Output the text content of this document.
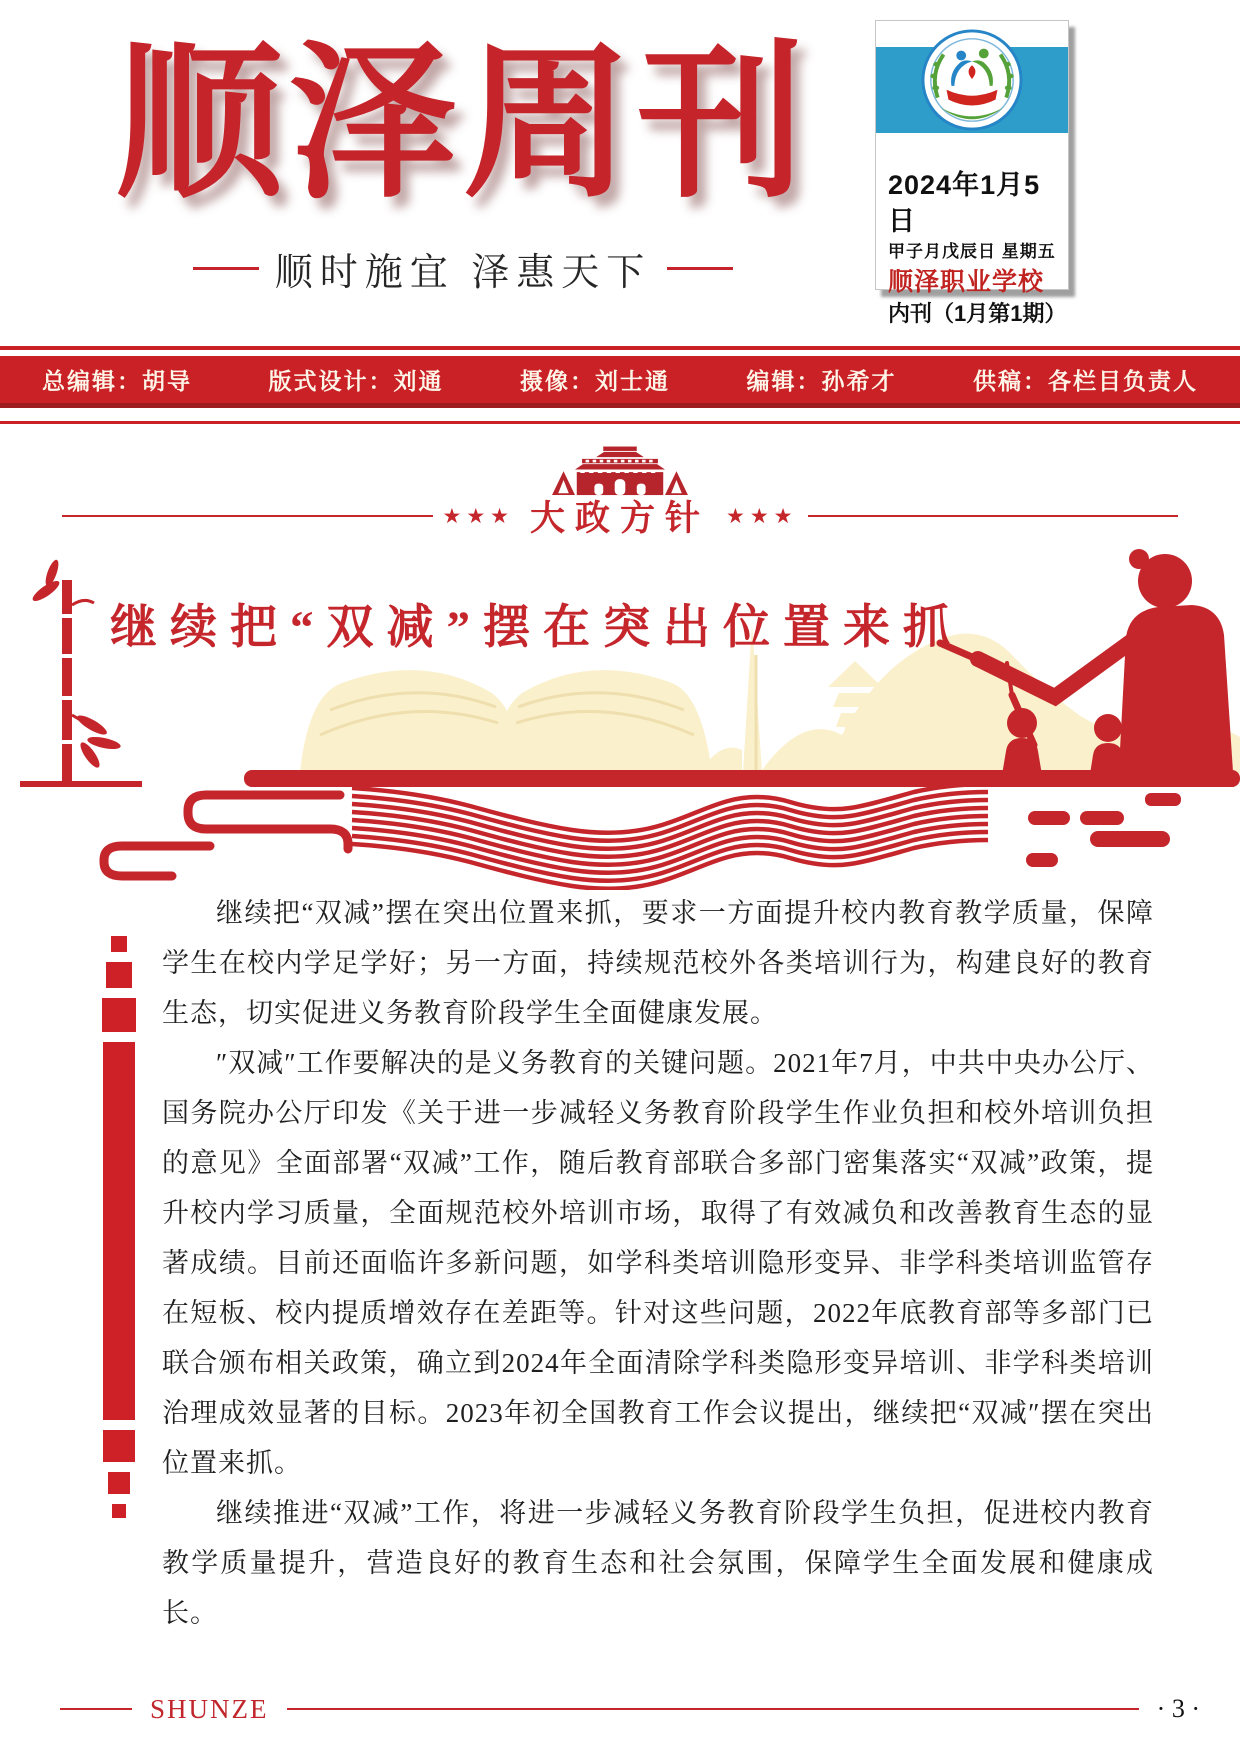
顺泽周刊
顺时施宜 泽惠天下
2024年1月5日
甲子月戊辰日 星期五
顺泽职业学校
内刊（1月第1期）
总编辑：胡导	版式设计：刘通	摄像：刘士通	编辑：孙希才	供稿：各栏目负责人
★★★ 大政方针 ★★★
继续把“双减”摆在突出位置来抓

继续把“双减”摆在突出位置来抓，要求一方面提升校内教育教学质量，保障学生在校内学足学好；另一方面，持续规范校外各类培训行为，构建良好的教育生态，切实促进义务教育阶段学生全面健康发展。

″双减″工作要解决的是义务教育的关键问题。2021年7月，中共中央办公厅、国务院办公厅印发《关于进一步减轻义务教育阶段学生作业负担和校外培训负担的意见》全面部署“双减”工作，随后教育部联合多部门密集落实“双减”政策，提升校内学习质量，全面规范校外培训市场，取得了有效减负和改善教育生态的显著成绩。目前还面临许多新问题，如学科类培训隐形变异、非学科类培训监管存在短板、校内提质增效存在差距等。针对这些问题，2022年底教育部等多部门已联合颁布相关政策，确立到2024年全面清除学科类隐形变异培训、非学科类培训治理成效显著的目标。2023年初全国教育工作会议提出，继续把“双减″摆在突出位置来抓。

继续推进“双减”工作，将进一步减轻义务教育阶段学生负担，促进校内教育教学质量提升，营造良好的教育生态和社会氛围，保障学生全面发展和健康成长。

SHUNZE	· 3 ·
